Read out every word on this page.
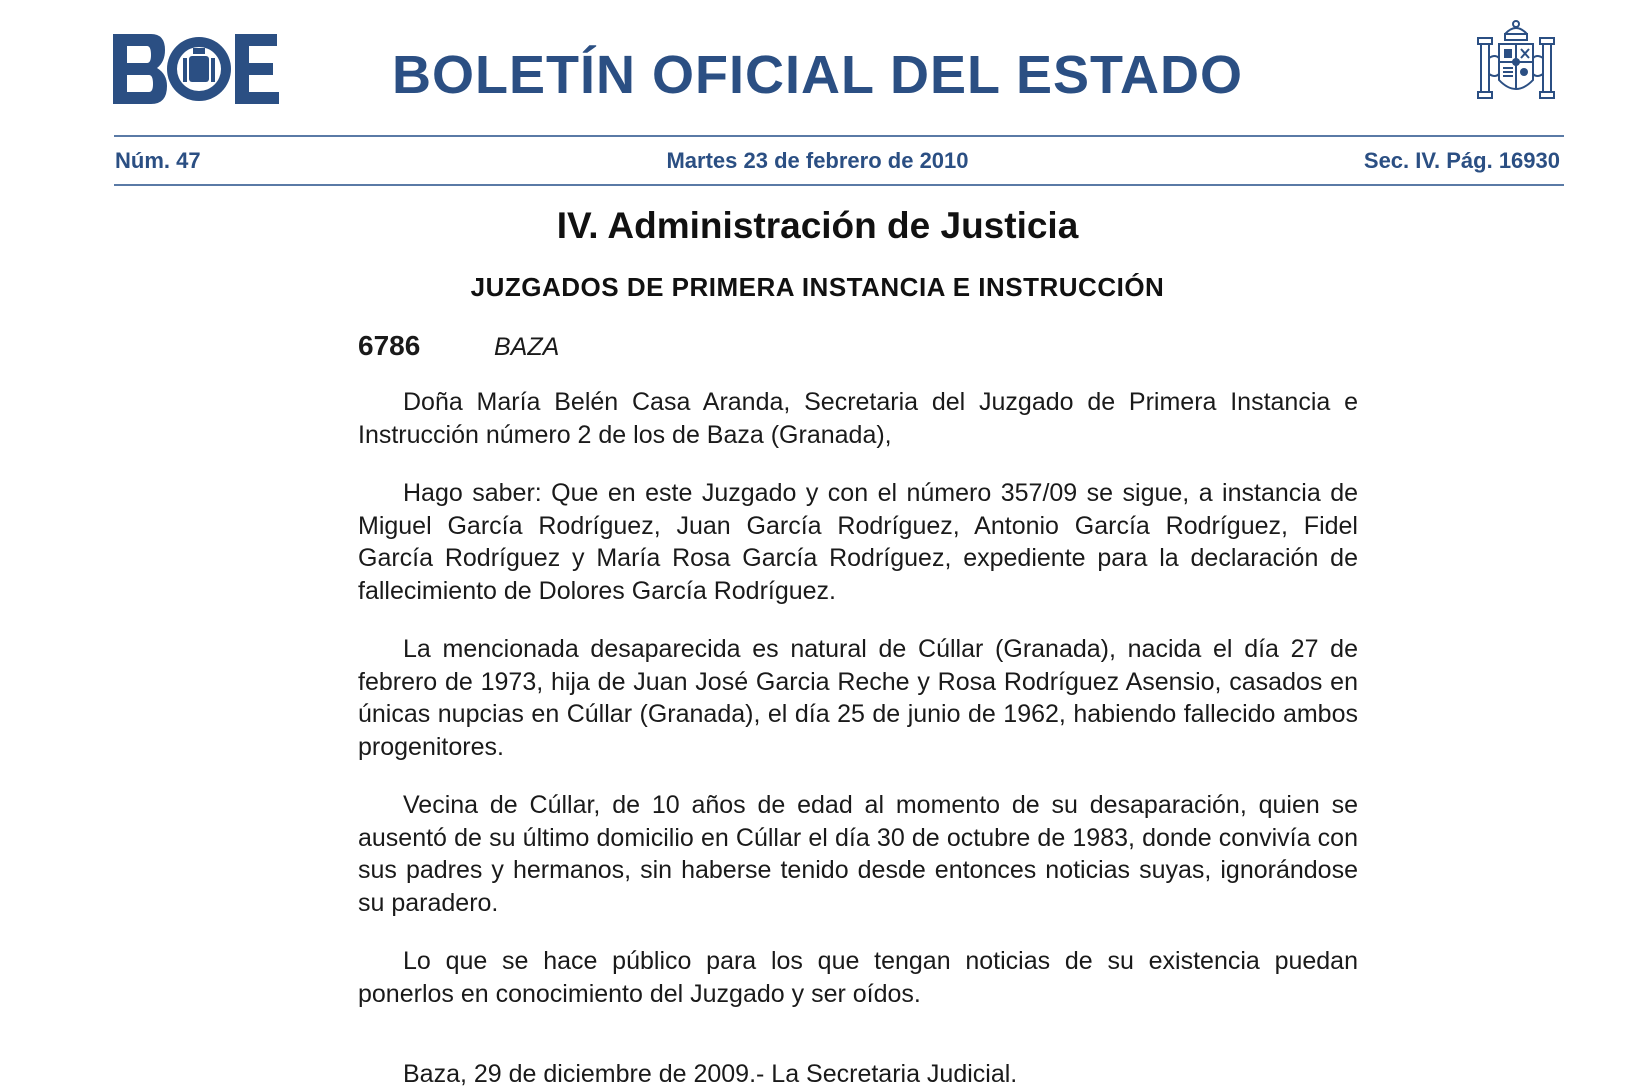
BOLETÍN OFICIAL DEL ESTADO
Núm. 47	Martes 23 de febrero de 2010	Sec. IV. Pág. 16930
IV. Administración de Justicia
JUZGADOS DE PRIMERA INSTANCIA E INSTRUCCIÓN
6786	BAZA

Doña María Belén Casa Aranda, Secretaria del Juzgado de Primera Instancia e Instrucción número 2 de los de Baza (Granada),

Hago saber: Que en este Juzgado y con el número 357/09 se sigue, a instancia de Miguel García Rodríguez, Juan García Rodríguez, Antonio García Rodríguez, Fidel García Rodríguez y María Rosa García Rodríguez, expediente para la declaración de fallecimiento de Dolores García Rodríguez.

La mencionada desaparecida es natural de Cúllar (Granada), nacida el día 27 de febrero de 1973, hija de Juan José Garcia Reche y Rosa Rodríguez Asensio, casados en únicas nupcias en Cúllar (Granada), el día 25 de junio de 1962, habiendo fallecido ambos progenitores.

Vecina de Cúllar, de 10 años de edad al momento de su desaparación, quien se ausentó de su último domicilio en Cúllar el día 30 de octubre de 1983, donde convivía con sus padres y hermanos, sin haberse tenido desde entonces noticias suyas, ignorándose su paradero.

Lo que se hace público para los que tengan noticias de su existencia puedan ponerlos en conocimiento del Juzgado y ser oídos.

Baza, 29 de diciembre de 2009.- La Secretaria Judicial.
